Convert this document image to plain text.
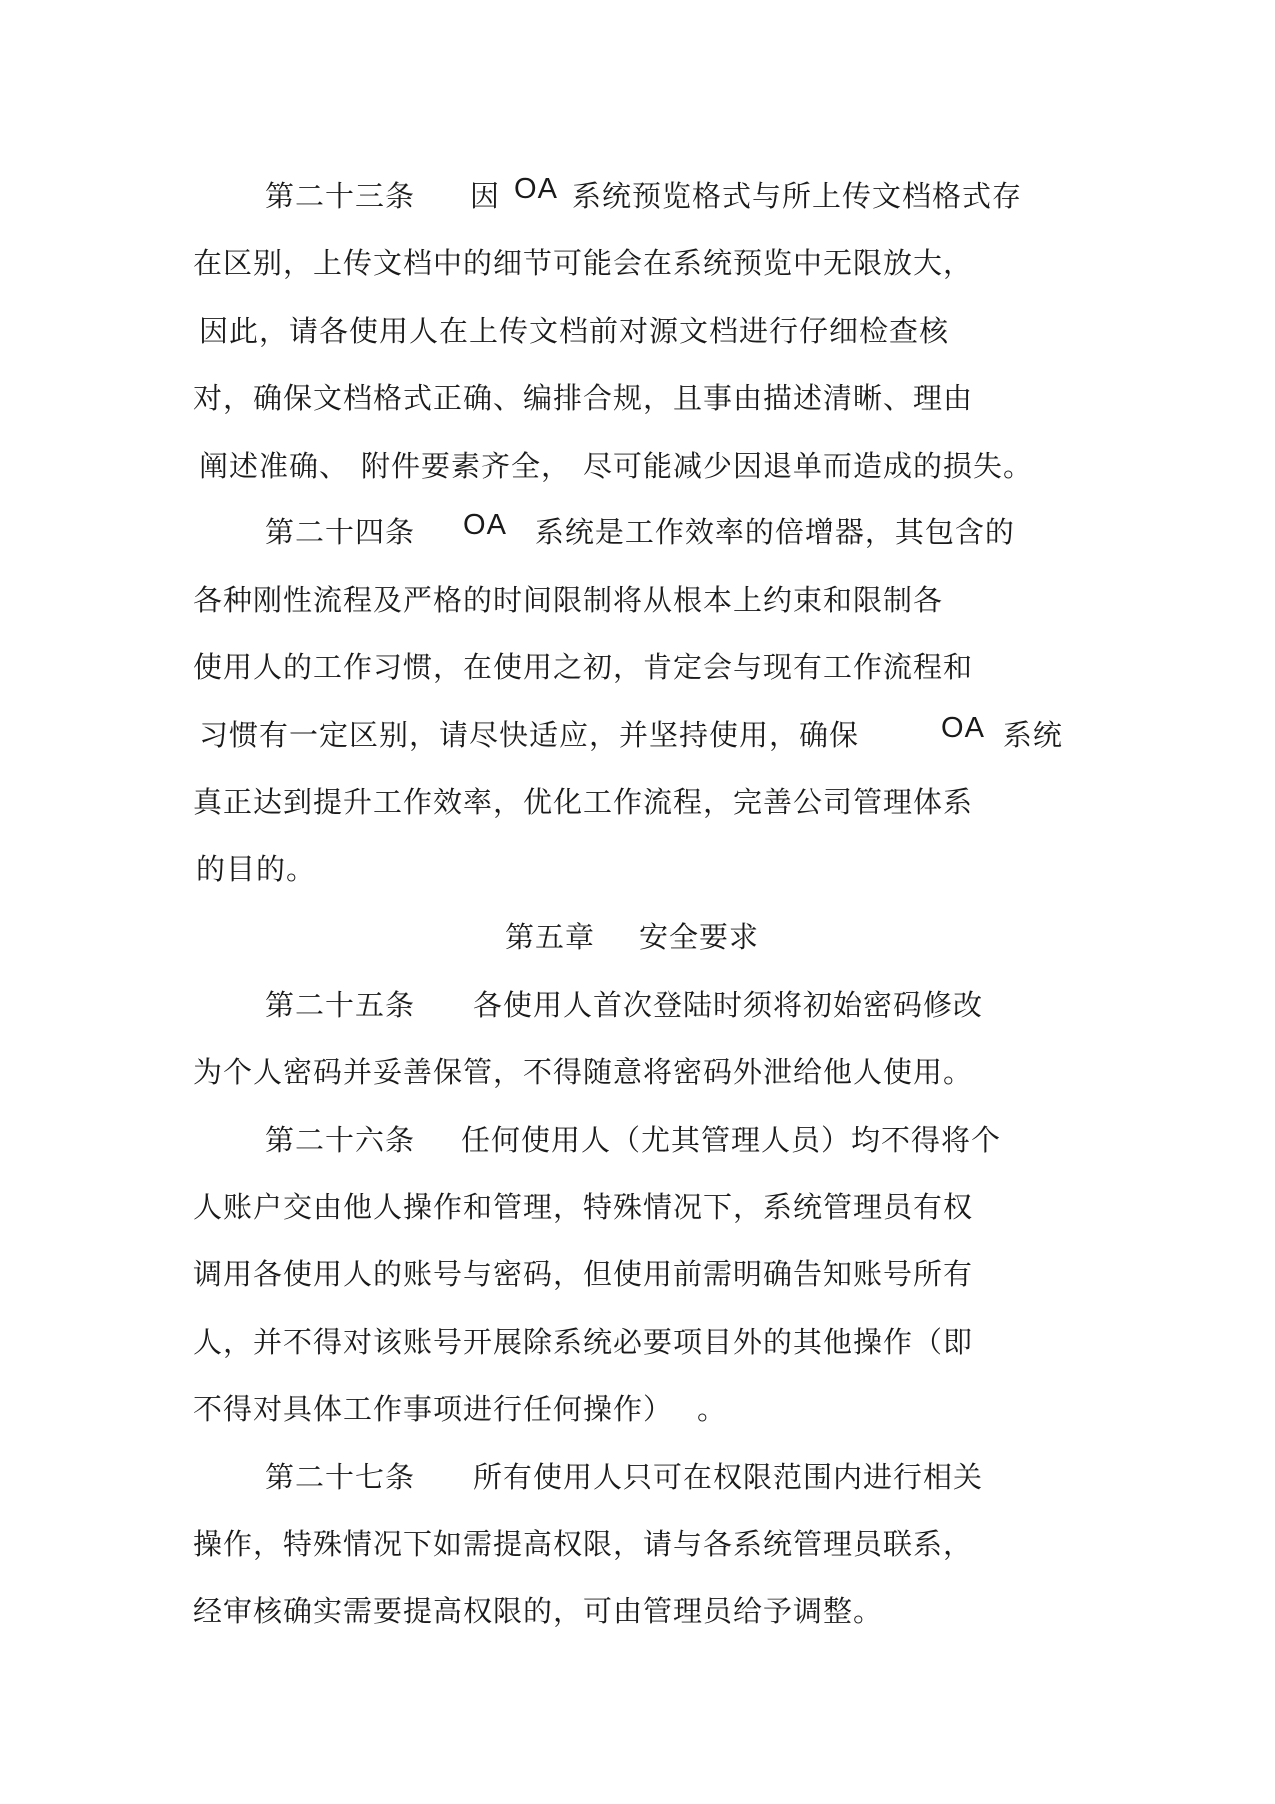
第二十三条 因 OA 系统预览格式与所上传文档格式存
在区别，上传文档中的细节可能会在系统预览中无限放大，
因此，请各使用人在上传文档前对源文档进行仔细检查核
对，确保文档格式正确、编排合规，且事由描述清晰、理由
阐述准确、 附件要素齐全， 尽可能减少因退单而造成的损失。
第二十四条 OA 系统是工作效率的倍增器，其包含的
各种刚性流程及严格的时间限制将从根本上约束和限制各
使用人的工作习惯，在使用之初，肯定会与现有工作流程和
习惯有一定区别，请尽快适应，并坚持使用，确保	OA 系统
真正达到提升工作效率，优化工作流程，完善公司管理体系
的目的。
第五章 安全要求
第二十五条 各使用人首次登陆时须将初始密码修改
为个人密码并妥善保管，不得随意将密码外泄给他人使用。
第二十六条 任何使用人（尤其管理人员）均不得将个
人账户交由他人操作和管理，特殊情况下，系统管理员有权
调用各使用人的账号与密码，但使用前需明确告知账号所有
人，并不得对该账号开展除系统必要项目外的其他操作（即
不得对具体工作事项进行任何操作） 。
第二十七条 所有使用人只可在权限范围内进行相关
操作，特殊情况下如需提高权限，请与各系统管理员联系，
经审核确实需要提高权限的，可由管理员给予调整。
